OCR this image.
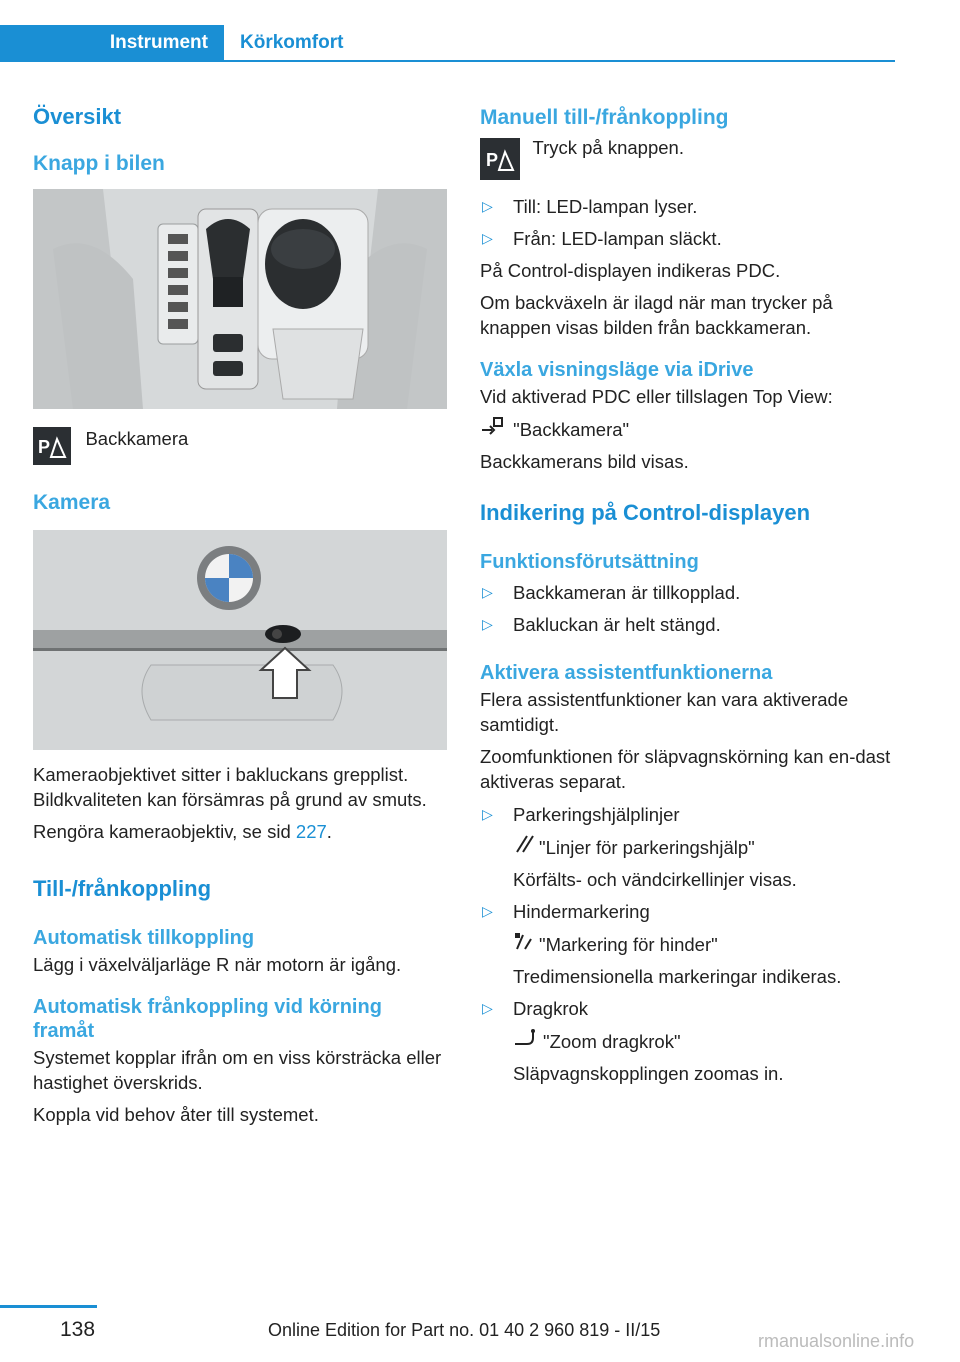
Instrument	Körkomfort
Översikt
Knapp i bilen
P Backkamera
Kamera

Kameraobjektivet sitter i bakluckans grepplist. Bildkvaliteten kan försämras på grund av smuts.

Rengöra kameraobjektiv, se sid 227.

Till-/frånkoppling
Automatisk tillkoppling

Lägg i växelväljarläge R när motorn är igång.

Automatisk frånkoppling vid körning framåt

Systemet kopplar ifrån om en viss körsträcka eller hastighet överskrids.

Koppla vid behov åter till systemet.

Manuell till-/frånkoppling
P
Tryck på knappen.
▷ Till: LED-lampan lyser.
▷ Från: LED-lampan släckt.

På Control-displayen indikeras PDC.

Om backväxeln är ilagd när man trycker på knappen visas bilden från backkameran.

Växla visningsläge via iDrive

Vid aktiverad PDC eller tillslagen Top View:

"Backkamera"

Backkamerans bild visas.

Indikering på Control-displayen
Funktionsförutsättning
▷ Backkameran är tillkopplad.
▷ Bakluckan är helt stängd.
Aktivera assistentfunktionerna

Flera assistentfunktioner kan vara aktiverade samtidigt.

Zoomfunktionen för släpvagnskörning kan en-dast aktiveras separat.

▷ Parkeringshjälplinjer
"Linjer för parkeringshjälp"
Körfälts- och vändcirkellinjer visas.
▷ Hindermarkering
"Markering för hinder"
Tredimensionella markeringar indikeras.
▷ Dragkrok
"Zoom dragkrok"
Släpvagnskopplingen zoomas in.
138	Online Edition for Part no. 01 40 2 960 819 - II/15
rmanualsonline.info
